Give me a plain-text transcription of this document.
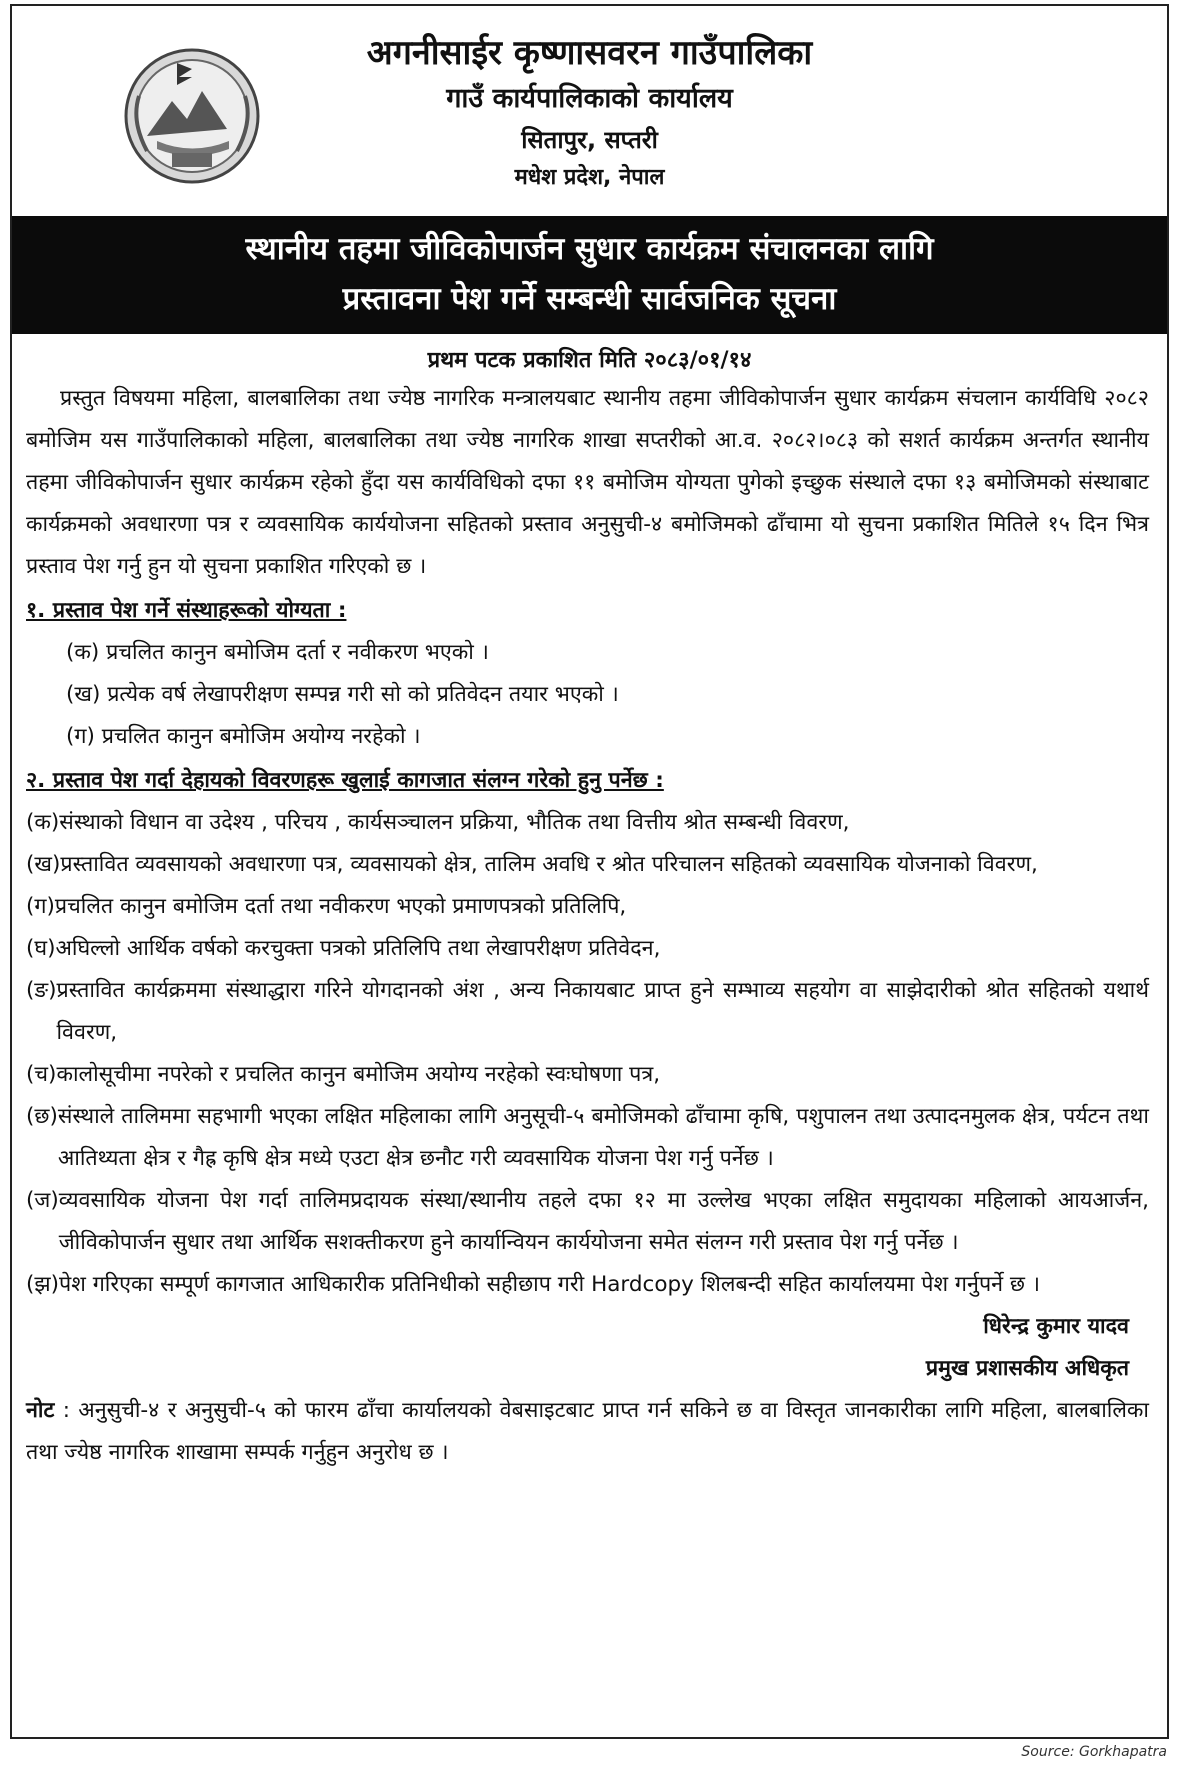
अगनीसाईर कृष्णासवरन गाउँपालिका
गाउँ कार्यपालिकाको कार्यालय
सितापुर, सप्तरी
मधेश प्रदेश, नेपाल
स्थानीय तहमा जीविकोपार्जन सुधार कार्यक्रम संचालनका लागि
प्रस्तावना पेश गर्ने सम्बन्धी सार्वजनिक सूचना
प्रथम पटक प्रकाशित मिति २०८३/०१/१४
प्रस्तुत विषयमा महिला, बालबालिका तथा ज्येष्ठ नागरिक मन्त्रालयबाट स्थानीय तहमा जीविकोपार्जन सुधार कार्यक्रम संचलान कार्यविधि २०८२ बमोजिम यस गाउँपालिकाको महिला, बालबालिका तथा ज्येष्ठ नागरिक शाखा सप्तरीको आ.व. २०८२।०८३ को सशर्त कार्यक्रम अन्तर्गत स्थानीय तहमा जीविकोपार्जन सुधार कार्यक्रम रहेको हुँदा यस कार्यविधिको दफा ११ बमोजिम योग्यता पुगेको इच्छुक संस्थाले दफा १३ बमोजिमको संस्थाबाट कार्यक्रमको अवधारणा पत्र र व्यवसायिक कार्ययोजना सहितको प्रस्ताव अनुसुची-४ बमोजिमको ढाँचामा यो सुचना प्रकाशित मितिले १५ दिन भित्र प्रस्ताव पेश गर्नु हुन यो सुचना प्रकाशित गरिएको छ ।
१. प्रस्ताव पेश गर्ने संस्थाहरूको योग्यता :
(क) प्रचलित कानुन बमोजिम दर्ता र नवीकरण भएको ।
(ख) प्रत्येक वर्ष लेखापरीक्षण सम्पन्न गरी सो को प्रतिवेदन तयार भएको ।
(ग) प्रचलित कानुन बमोजिम अयोग्य नरहेको ।
२. प्रस्ताव पेश गर्दा देहायको विवरणहरू खुलाई कागजात संलग्न गरेको हुनु पर्नेछ :
(क) संस्थाको विधान वा उदेश्य , परिचय , कार्यसञ्चालन प्रक्रिया, भौतिक तथा वित्तीय श्रोत सम्बन्धी विवरण,
(ख) प्रस्तावित व्यवसायको अवधारणा पत्र, व्यवसायको क्षेत्र, तालिम अवधि र श्रोत परिचालन सहितको व्यवसायिक योजनाको विवरण,
(ग) प्रचलित कानुन बमोजिम दर्ता तथा नवीकरण भएको प्रमाणपत्रको प्रतिलिपि,
(घ) अघिल्लो आर्थिक वर्षको करचुक्ता पत्रको प्रतिलिपि तथा लेखापरीक्षण प्रतिवेदन,
(ङ) प्रस्तावित कार्यक्रममा संस्थाद्धारा गरिने योगदानको अंश , अन्य निकायबाट प्राप्त हुने सम्भाव्य सहयोग वा साझेदारीको श्रोत सहितको यथार्थ विवरण,
(च) कालोसूचीमा नपरेको र प्रचलित कानुन बमोजिम अयोग्य नरहेको स्वःघोषणा पत्र,
(छ) संस्थाले तालिममा सहभागी भएका लक्षित महिलाका लागि अनुसूची-५ बमोजिमको ढाँचामा कृषि, पशुपालन तथा उत्पादनमुलक क्षेत्र, पर्यटन तथा आतिथ्यता क्षेत्र र गैह्र कृषि क्षेत्र मध्ये एउटा क्षेत्र छनौट गरी व्यवसायिक योजना पेश गर्नु पर्नेछ ।
(ज) व्यवसायिक योजना पेश गर्दा तालिमप्रदायक संस्था/स्थानीय तहले दफा १२ मा उल्लेख भएका लक्षित समुदायका महिलाको आयआर्जन, जीविकोपार्जन सुधार तथा आर्थिक सशक्तीकरण हुने कार्यान्वियन कार्ययोजना समेत संलग्न गरी प्रस्ताव पेश गर्नु पर्नेछ ।
(झ) पेश गरिएका सम्पूर्ण कागजात आधिकारीक प्रतिनिधीको सहीछाप गरी Hardcopy शिलबन्दी सहित कार्यालयमा पेश गर्नुपर्ने छ ।
धिरेन्द्र कुमार यादव
प्रमुख प्रशासकीय अधिकृत
नोट : अनुसुची-४ र अनुसुची-५ को फारम ढाँचा कार्यालयको वेबसाइटबाट प्राप्त गर्न सकिने छ वा विस्तृत जानकारीका लागि महिला, बालबालिका तथा ज्येष्ठ नागरिक शाखामा सम्पर्क गर्नुहुन अनुरोध छ ।
Source: Gorkhapatra
